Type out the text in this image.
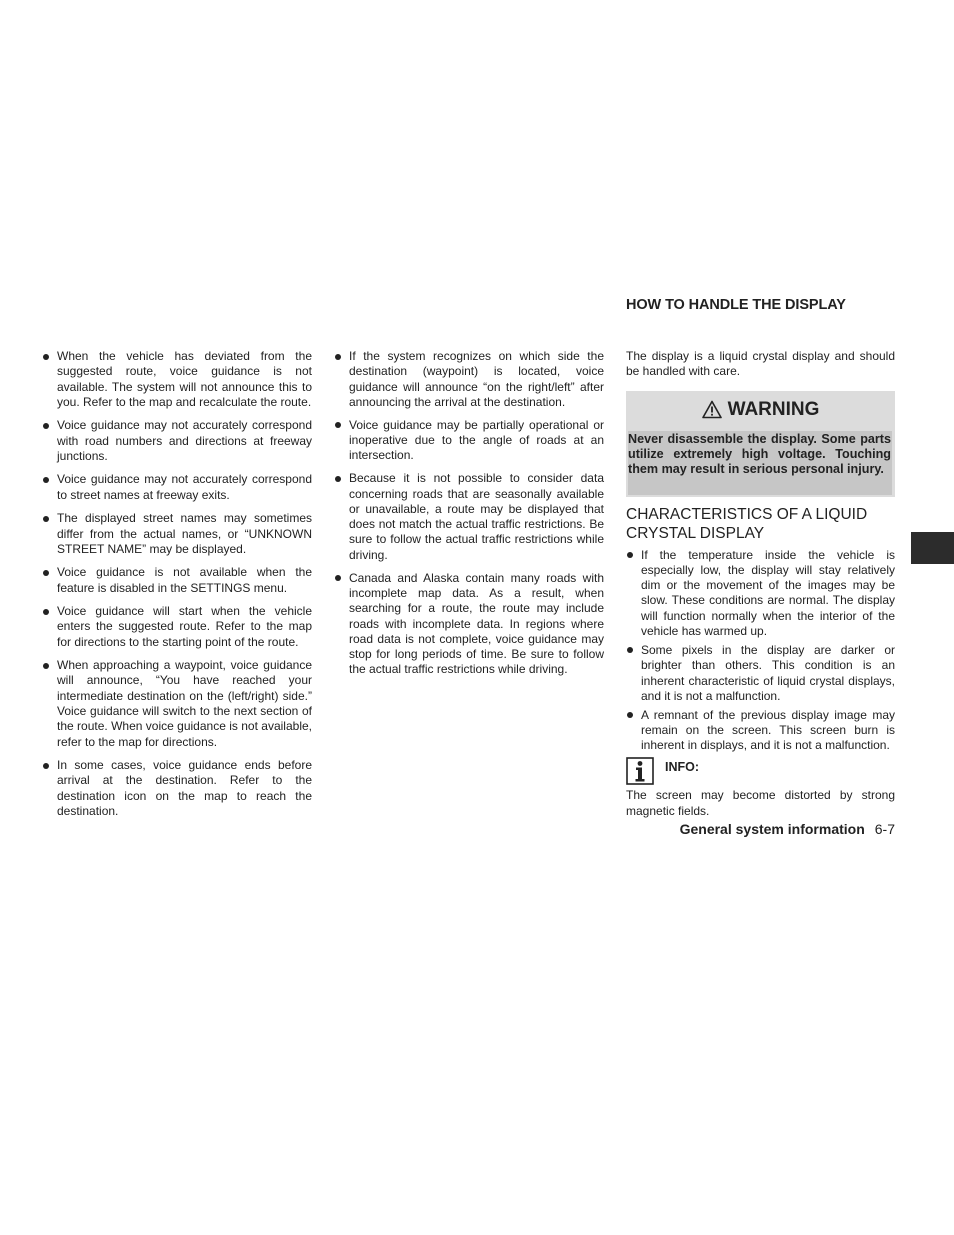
HOW TO HANDLE THE DISPLAY
When the vehicle has deviated from the suggested route, voice guidance is not available. The system will not announce this to you. Refer to the map and recalculate the route.
Voice guidance may not accurately correspond with road numbers and directions at freeway junctions.
Voice guidance may not accurately correspond to street names at freeway exits.
The displayed street names may sometimes differ from the actual names, or “UNKNOWN STREET NAME” may be displayed.
Voice guidance is not available when the feature is disabled in the SETTINGS menu.
Voice guidance will start when the vehicle enters the suggested route. Refer to the map for directions to the starting point of the route.
When approaching a waypoint, voice guidance will announce, “You have reached your intermediate destination on the (left/right) side.” Voice guidance will switch to the next section of the route. When voice guidance is not available, refer to the map for directions.
In some cases, voice guidance ends before arrival at the destination. Refer to the destination icon on the map to reach the destination.
If the system recognizes on which side the destination (waypoint) is located, voice guidance will announce “on the right/left” after announcing the arrival at the destination.
Voice guidance may be partially operational or inoperative due to the angle of roads at an intersection.
Because it is not possible to consider data concerning roads that are seasonally available or unavailable, a route may be displayed that does not match the actual traffic restrictions. Be sure to follow the actual traffic restrictions while driving.
Canada and Alaska contain many roads with incomplete map data. As a result, when searching for a route, the route may include roads with incomplete data. In regions where road data is not complete, voice guidance may stop for long periods of time. Be sure to follow the actual traffic restrictions while driving.

The display is a liquid crystal display and should be handled with care.

WARNING
Never disassemble the display. Some parts utilize extremely high voltage. Touching them may result in serious personal injury.
CHARACTERISTICS OF A LIQUID CRYSTAL DISPLAY
If the temperature inside the vehicle is especially low, the display will stay relatively dim or the movement of the images may be slow. These conditions are normal. The display will function normally when the interior of the vehicle has warmed up.
Some pixels in the display are darker or brighter than others. This condition is an inherent characteristic of liquid crystal displays, and it is not a malfunction.
A remnant of the previous display image may remain on the screen. This screen burn is inherent in displays, and it is not a malfunction.
INFO:

The screen may become distorted by strong magnetic fields.

General system information 6-7
